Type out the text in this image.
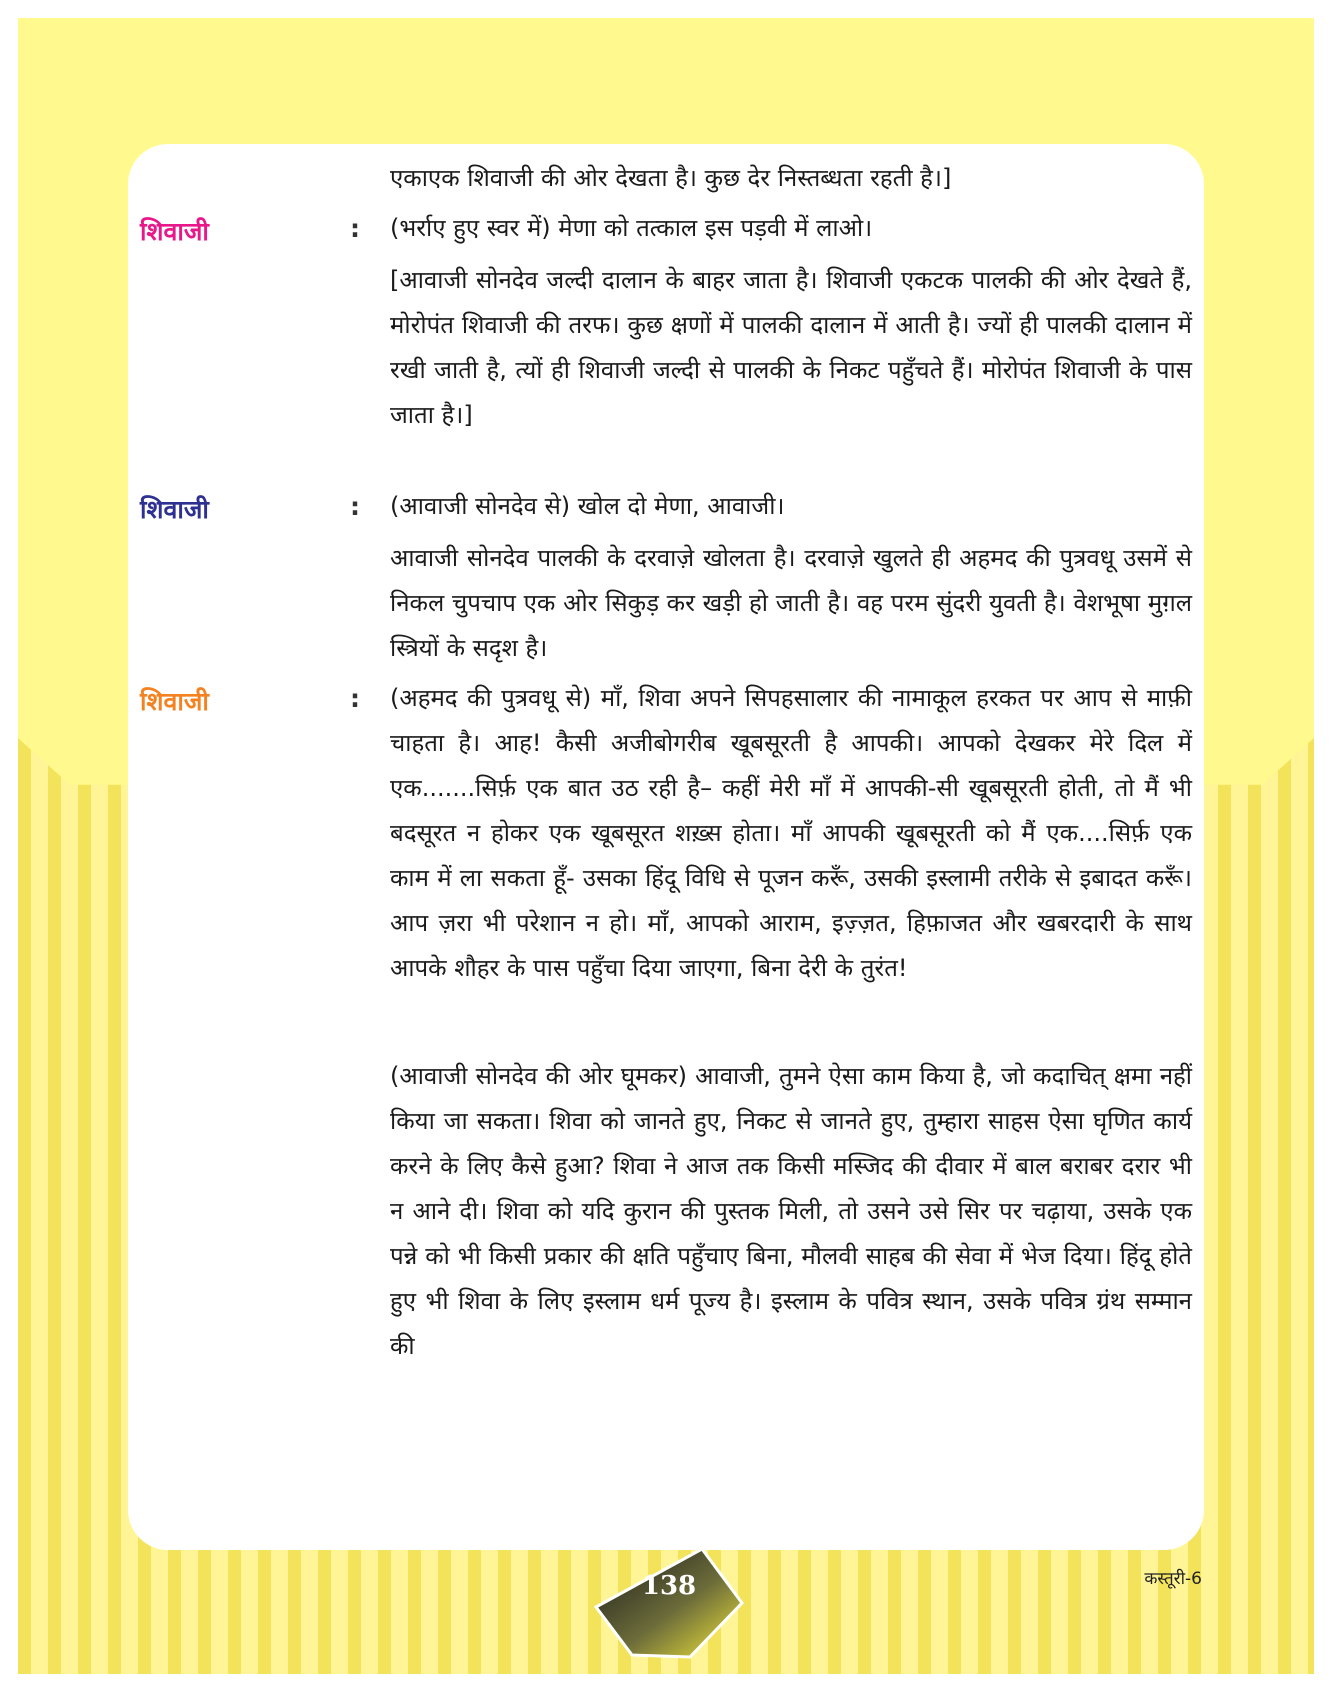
एकाएक शिवाजी की ओर देखता है। कुछ देर निस्तब्धता रहती है।]

शिवाजी	: (भर्राए हुए स्वर में) मेणा को तत्काल इस पड़वी में लाओ।

[आवाजी सोनदेव जल्दी दालान के बाहर जाता है। शिवाजी एकटक पालकी की ओर देखते हैं, मोरोपंत शिवाजी की तरफ। कुछ क्षणों में पालकी दालान में आती है। ज्यों ही पालकी दालान में रखी जाती है, त्यों ही शिवाजी जल्दी से पालकी के निकट पहुँचते हैं। मोरोपंत शिवाजी के पास जाता है।]

शिवाजी	: (आवाजी सोनदेव से) खोल दो मेणा, आवाजी।

आवाजी सोनदेव पालकी के दरवाज़े खोलता है। दरवाज़े खुलते ही अहमद की पुत्रवधू उसमें से निकल चुपचाप एक ओर सिकुड़ कर खड़ी हो जाती है। वह परम सुंदरी युवती है। वेशभूषा मुग़ल स्त्रियों के सदृश है।

शिवाजी	: (अहमद की पुत्रवधू से) माँ, शिवा अपने सिपहसालार की नामाकूल हरकत पर आप से माफ़ी चाहता है। आह! कैसी अजीबोगरीब खूबसूरती है आपकी। आपको देखकर मेरे दिल में एक.......सिर्फ़ एक बात उठ रही है– कहीं मेरी माँ में आपकी-सी खूबसूरती होती, तो मैं भी बदसूरत न होकर एक खूबसूरत शख़्स होता। माँ आपकी खूबसूरती को मैं एक....सिर्फ़ एक काम में ला सकता हूँ- उसका हिंदू विधि से पूजन करूँ, उसकी इस्लामी तरीके से इबादत करूँ। आप ज़रा भी परेशान न हो। माँ, आपको आराम, इज़्ज़त, हिफ़ाजत और खबरदारी के साथ आपके शौहर के पास पहुँचा दिया जाएगा, बिना देरी के तुरंत!

(आवाजी सोनदेव की ओर घूमकर) आवाजी, तुमने ऐसा काम किया है, जो कदाचित् क्षमा नहीं किया जा सकता। शिवा को जानते हुए, निकट से जानते हुए, तुम्हारा साहस ऐसा घृणित कार्य करने के लिए कैसे हुआ? शिवा ने आज तक किसी मस्जिद की दीवार में बाल बराबर दरार भी न आने दी। शिवा को यदि कुरान की पुस्तक मिली, तो उसने उसे सिर पर चढ़ाया, उसके एक पन्ने को भी किसी प्रकार की क्षति पहुँचाए बिना, मौलवी साहब की सेवा में भेज दिया। हिंदू होते हुए भी शिवा के लिए इस्लाम धर्म पूज्य है। इस्लाम के पवित्र स्थान, उसके पवित्र ग्रंथ सम्मान की

138	कस्तूरी-6
